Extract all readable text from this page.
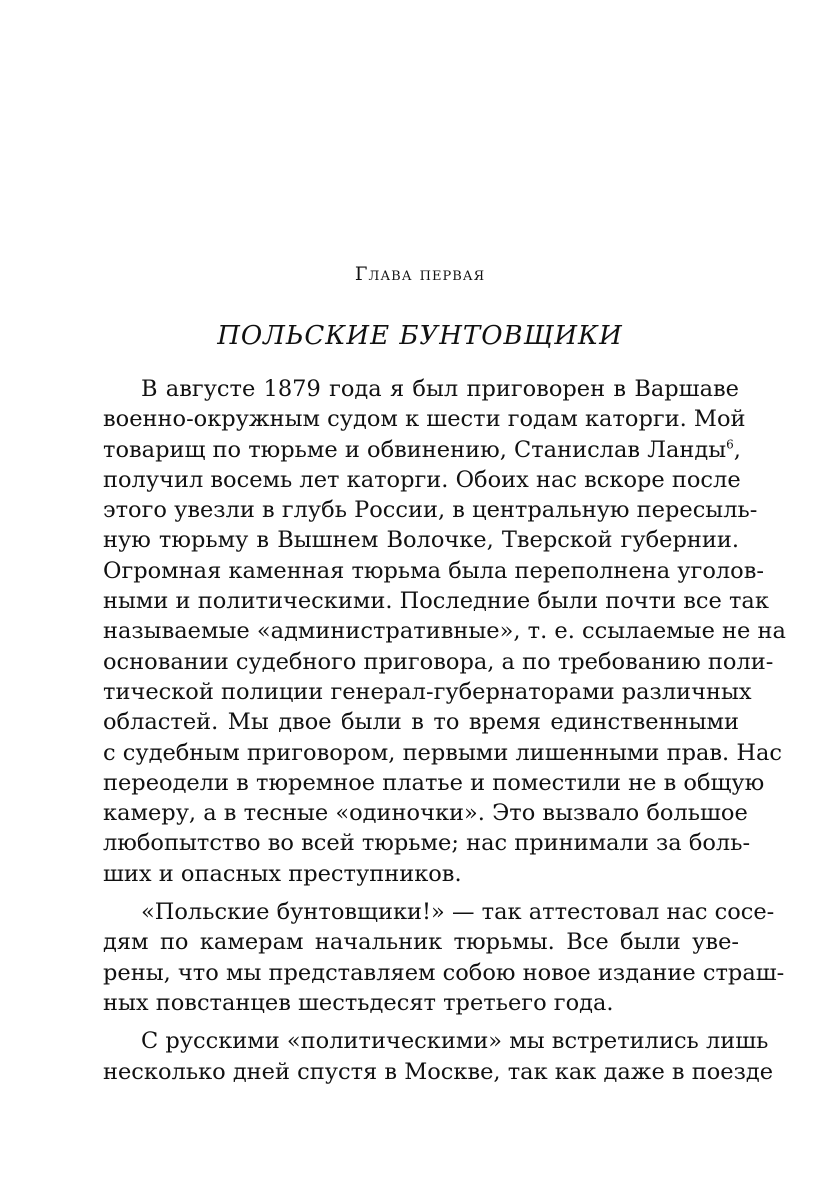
Глава первая
ПОЛЬСКИЕ БУНТОВЩИКИ
В августе 1879 года я был приговорен в Варшаве
военно-окружным судом к шести годам каторги. Мой
товарищ по тюрьме и обвинению, Станислав Ланды$^6$,
получил восемь лет каторги. Обоих нас вскоре после
этого увезли в глубь России, в центральную пересыль-
ную тюрьму в Вышнем Волочке, Тверской губернии.
Огромная каменная тюрьма была переполнена уголов-
ными и политическими. Последние были почти все так
называемые «административные», т. е. ссылаемые не на
основании судебного приговора, а по требованию поли-
тической полиции генерал-губернаторами различных
областей. Мы двое были в то время единственными
с судебным приговором, первыми лишенными прав. Нас
переодели в тюремное платье и поместили не в общую
камеру, а в тесные «одиночки». Это вызвало большое
любопытство во всей тюрьме; нас принимали за боль-
ших и опасных преступников.
«Польские бунтовщики!» — так аттестовал нас сосе-
дям по камерам начальник тюрьмы. Все были уве-
рены, что мы представляем собою новое издание страш-
ных повстанцев шестьдесят третьего года.
С русскими «политическими» мы встретились лишь
несколько дней спустя в Москве, так как даже в поезде
